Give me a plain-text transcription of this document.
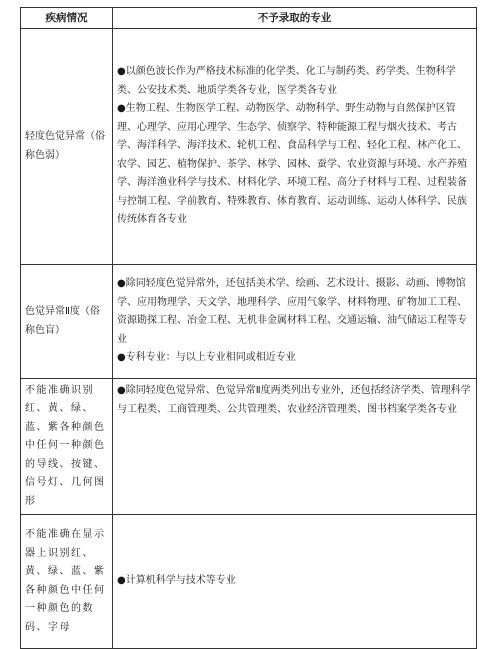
疾病情况	不予录取的专业
轻度色觉异常（俗称色弱）	●以颜色波长作为严格技术标准的化学类、化工与制药类、药学类、生物科学类、公安技术类、地质学类各专业，医学类各专业
●生物工程、生物医学工程、动物医学、动物科学、野生动物与自然保护区管理、心理学、应用心理学、生态学、侦察学、特种能源工程与烟火技术、考古学、海洋科学、海洋技术、轮机工程、食品科学与工程、轻化工程、林产化工、农学、园艺、植物保护、茶学、林学、园林、蚕学、农业资源与环境、水产养殖学、海洋渔业科学与技术、材料化学、环境工程、高分子材料与工程、过程装备与控制工程、学前教育、特殊教育、体育教育、运动训练、运动人体科学、民族传统体育各专业

色觉异常Ⅱ度（俗称色盲）	●除同轻度色觉异常外，还包括美术学、绘画、艺术设计、摄影、动画、博物馆学、应用物理学、天文学、地理科学、应用气象学、材料物理、矿物加工工程、资源勘探工程、冶金工程、无机非金属材料工程、交通运输、油气储运工程等专业
●专科专业：与以上专业相同或相近专业

不能准确识别红、黄、绿、蓝、紫各种颜色中任何一种颜色的导线、按键、信号灯、几何图形	●除同轻度色觉异常、色觉异常Ⅱ度两类列出专业外，还包括经济学类、管理科学与工程类、工商管理类、公共管理类、农业经济管理类、图书档案学类各专业

不能准确在显示器上识别红、黄、绿、蓝、紫各种颜色中任何一种颜色的数码、字母	●计算机科学与技术等专业
